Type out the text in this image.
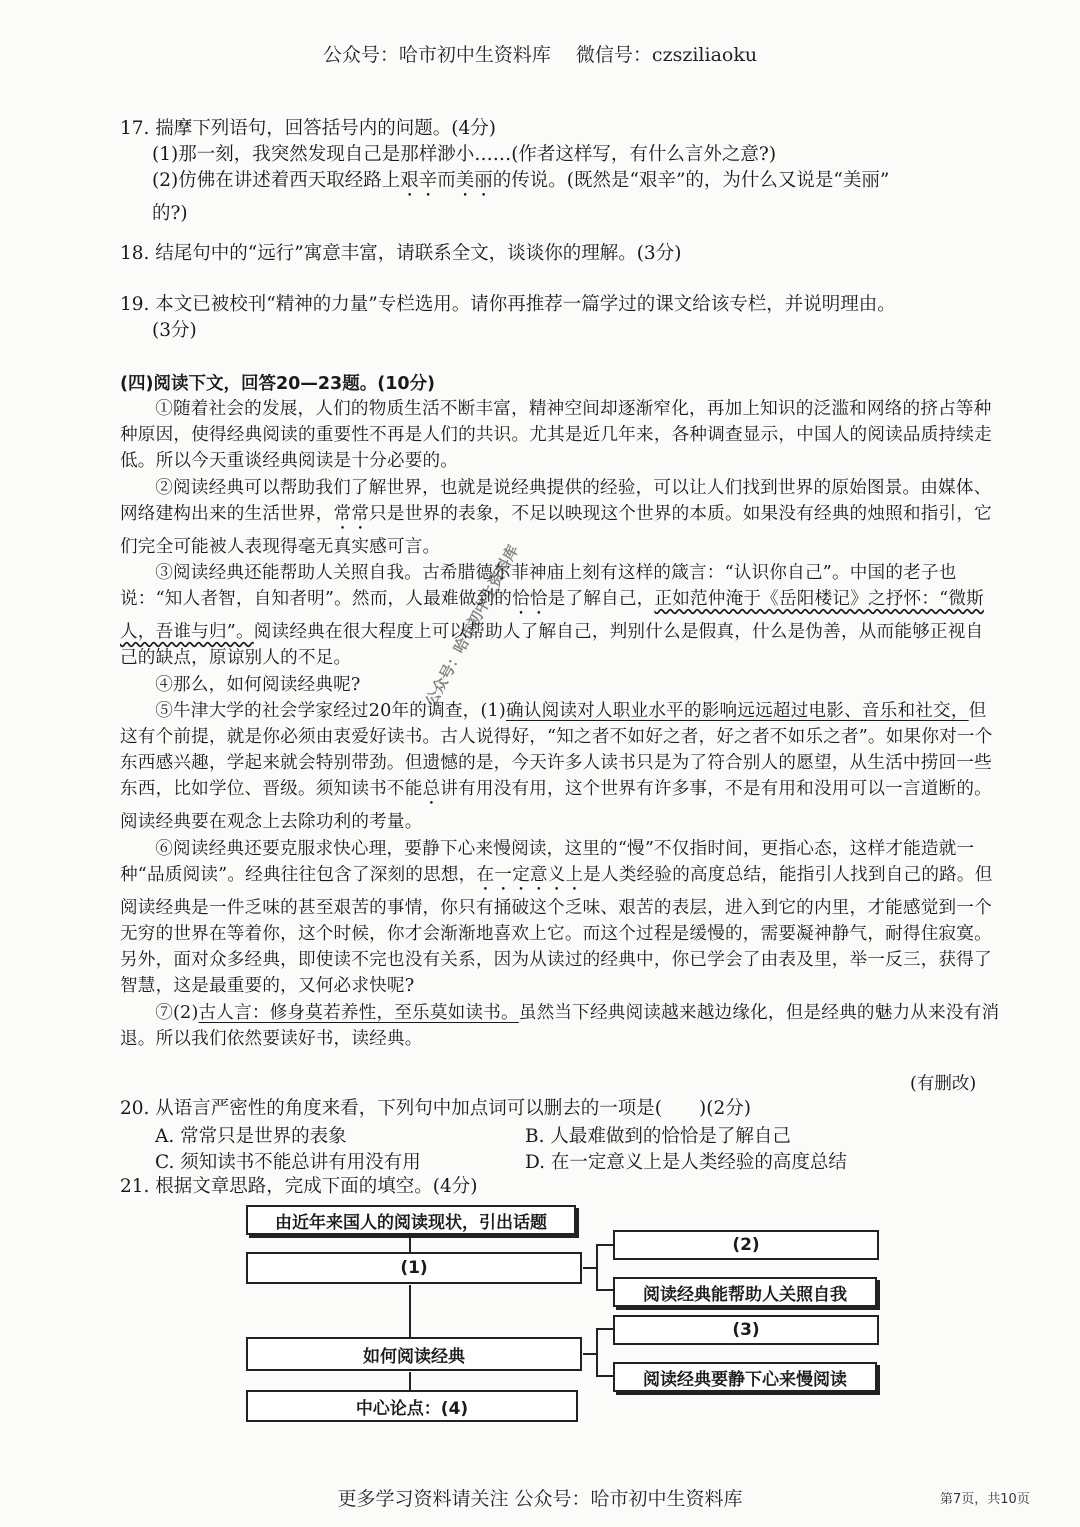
公众号：哈市初中生资料库　 微信号：czsziliaoku

17. 揣摩下列语句，回答括号内的问题。(4分)

(1)那一刻，我突然发现自己是那样渺小……(作者这样写，有什么言外之意?)

(2)仿佛在讲述着西天取经路上艰辛而美丽的传说。(既然是“艰辛”的，为什么又说是“美丽”

的?)

18. 结尾句中的“远行”寓意丰富，请联系全文，谈谈你的理解。(3分)

19. 本文已被校刊“精神的力量”专栏选用。请你再推荐一篇学过的课文给该专栏，并说明理由。

(3分)

(四)阅读下文，回答20—23题。(10分)

①随着社会的发展，人们的物质生活不断丰富，精神空间却逐渐窄化，再加上知识的泛滥和网络的挤占等种种原因，使得经典阅读的重要性不再是人们的共识。尤其是近几年来，各种调查显示，中国人的阅读品质持续走低。所以今天重谈经典阅读是十分必要的。

②阅读经典可以帮助我们了解世界，也就是说经典提供的经验，可以让人们找到世界的原始图景。由媒体、网络建构出来的生活世界，常常只是世界的表象，不足以映现这个世界的本质。如果没有经典的烛照和指引，它们完全可能被人表现得毫无真实感可言。

③阅读经典还能帮助人关照自我。古希腊德尔菲神庙上刻有这样的箴言：“认识你自己”。中国的老子也说：“知人者智，自知者明”。然而，人最难做到的恰恰是了解自己，正如范仲淹于《岳阳楼记》之抒怀：“微斯人，吾谁与归”。阅读经典在很大程度上可以帮助人了解自己，判别什么是假真，什么是伪善，从而能够正视自己的缺点，原谅别人的不足。

④那么，如何阅读经典呢?

⑤牛津大学的社会学家经过20年的调查，(1)确认阅读对人职业水平的影响远远超过电影、音乐和社交，但这有个前提，就是你必须由衷爱好读书。古人说得好，“知之者不如好之者，好之者不如乐之者”。如果你对一个东西感兴趣，学起来就会特别带劲。但遗憾的是，今天许多人读书只是为了符合别人的愿望，从生活中捞回一些东西，比如学位、晋级。须知读书不能总讲有用没有用，这个世界有许多事，不是有用和没用可以一言道断的。阅读经典要在观念上去除功利的考量。

⑥阅读经典还要克服求快心理，要静下心来慢阅读，这里的“慢”不仅指时间，更指心态，这样才能造就一种“品质阅读”。经典往往包含了深刻的思想，在一定意义上是人类经验的高度总结，能指引人找到自己的路。但阅读经典是一件乏味的甚至艰苦的事情，你只有捅破这个乏味、艰苦的表层，进入到它的内里，才能感觉到一个无穷的世界在等着你，这个时候，你才会渐渐地喜欢上它。而这个过程是缓慢的，需要凝神静气，耐得住寂寞。另外，面对众多经典，即使读不完也没有关系，因为从读过的经典中，你已学会了由表及里，举一反三，获得了智慧，这是最重要的，又何必求快呢?

⑦(2)古人言：修身莫若养性，至乐莫如读书。虽然当下经典阅读越来越边缘化，但是经典的魅力从来没有消退。所以我们依然要读好书，读经典。

(有删改)
20. 从语言严密性的角度来看，下列句中加点词可以删去的一项是(　　)(2分)
A. 常常只是世界的表象	B. 人最难做到的恰恰是了解自己
C. 须知读书不能总讲有用没有用	D. 在一定意义上是人类经验的高度总结
21. 根据文章思路，完成下面的填空。(4分)
由近年来国人的阅读现状，引出话题
(1)
如何阅读经典
中心论点：(4)
(2)
阅读经典能帮助人关照自我
(3)
阅读经典要静下心来慢阅读
公众号：哈市初中生资料库
更多学习资料请关注 公众号：哈市初中生资料库	第7页，共10页
